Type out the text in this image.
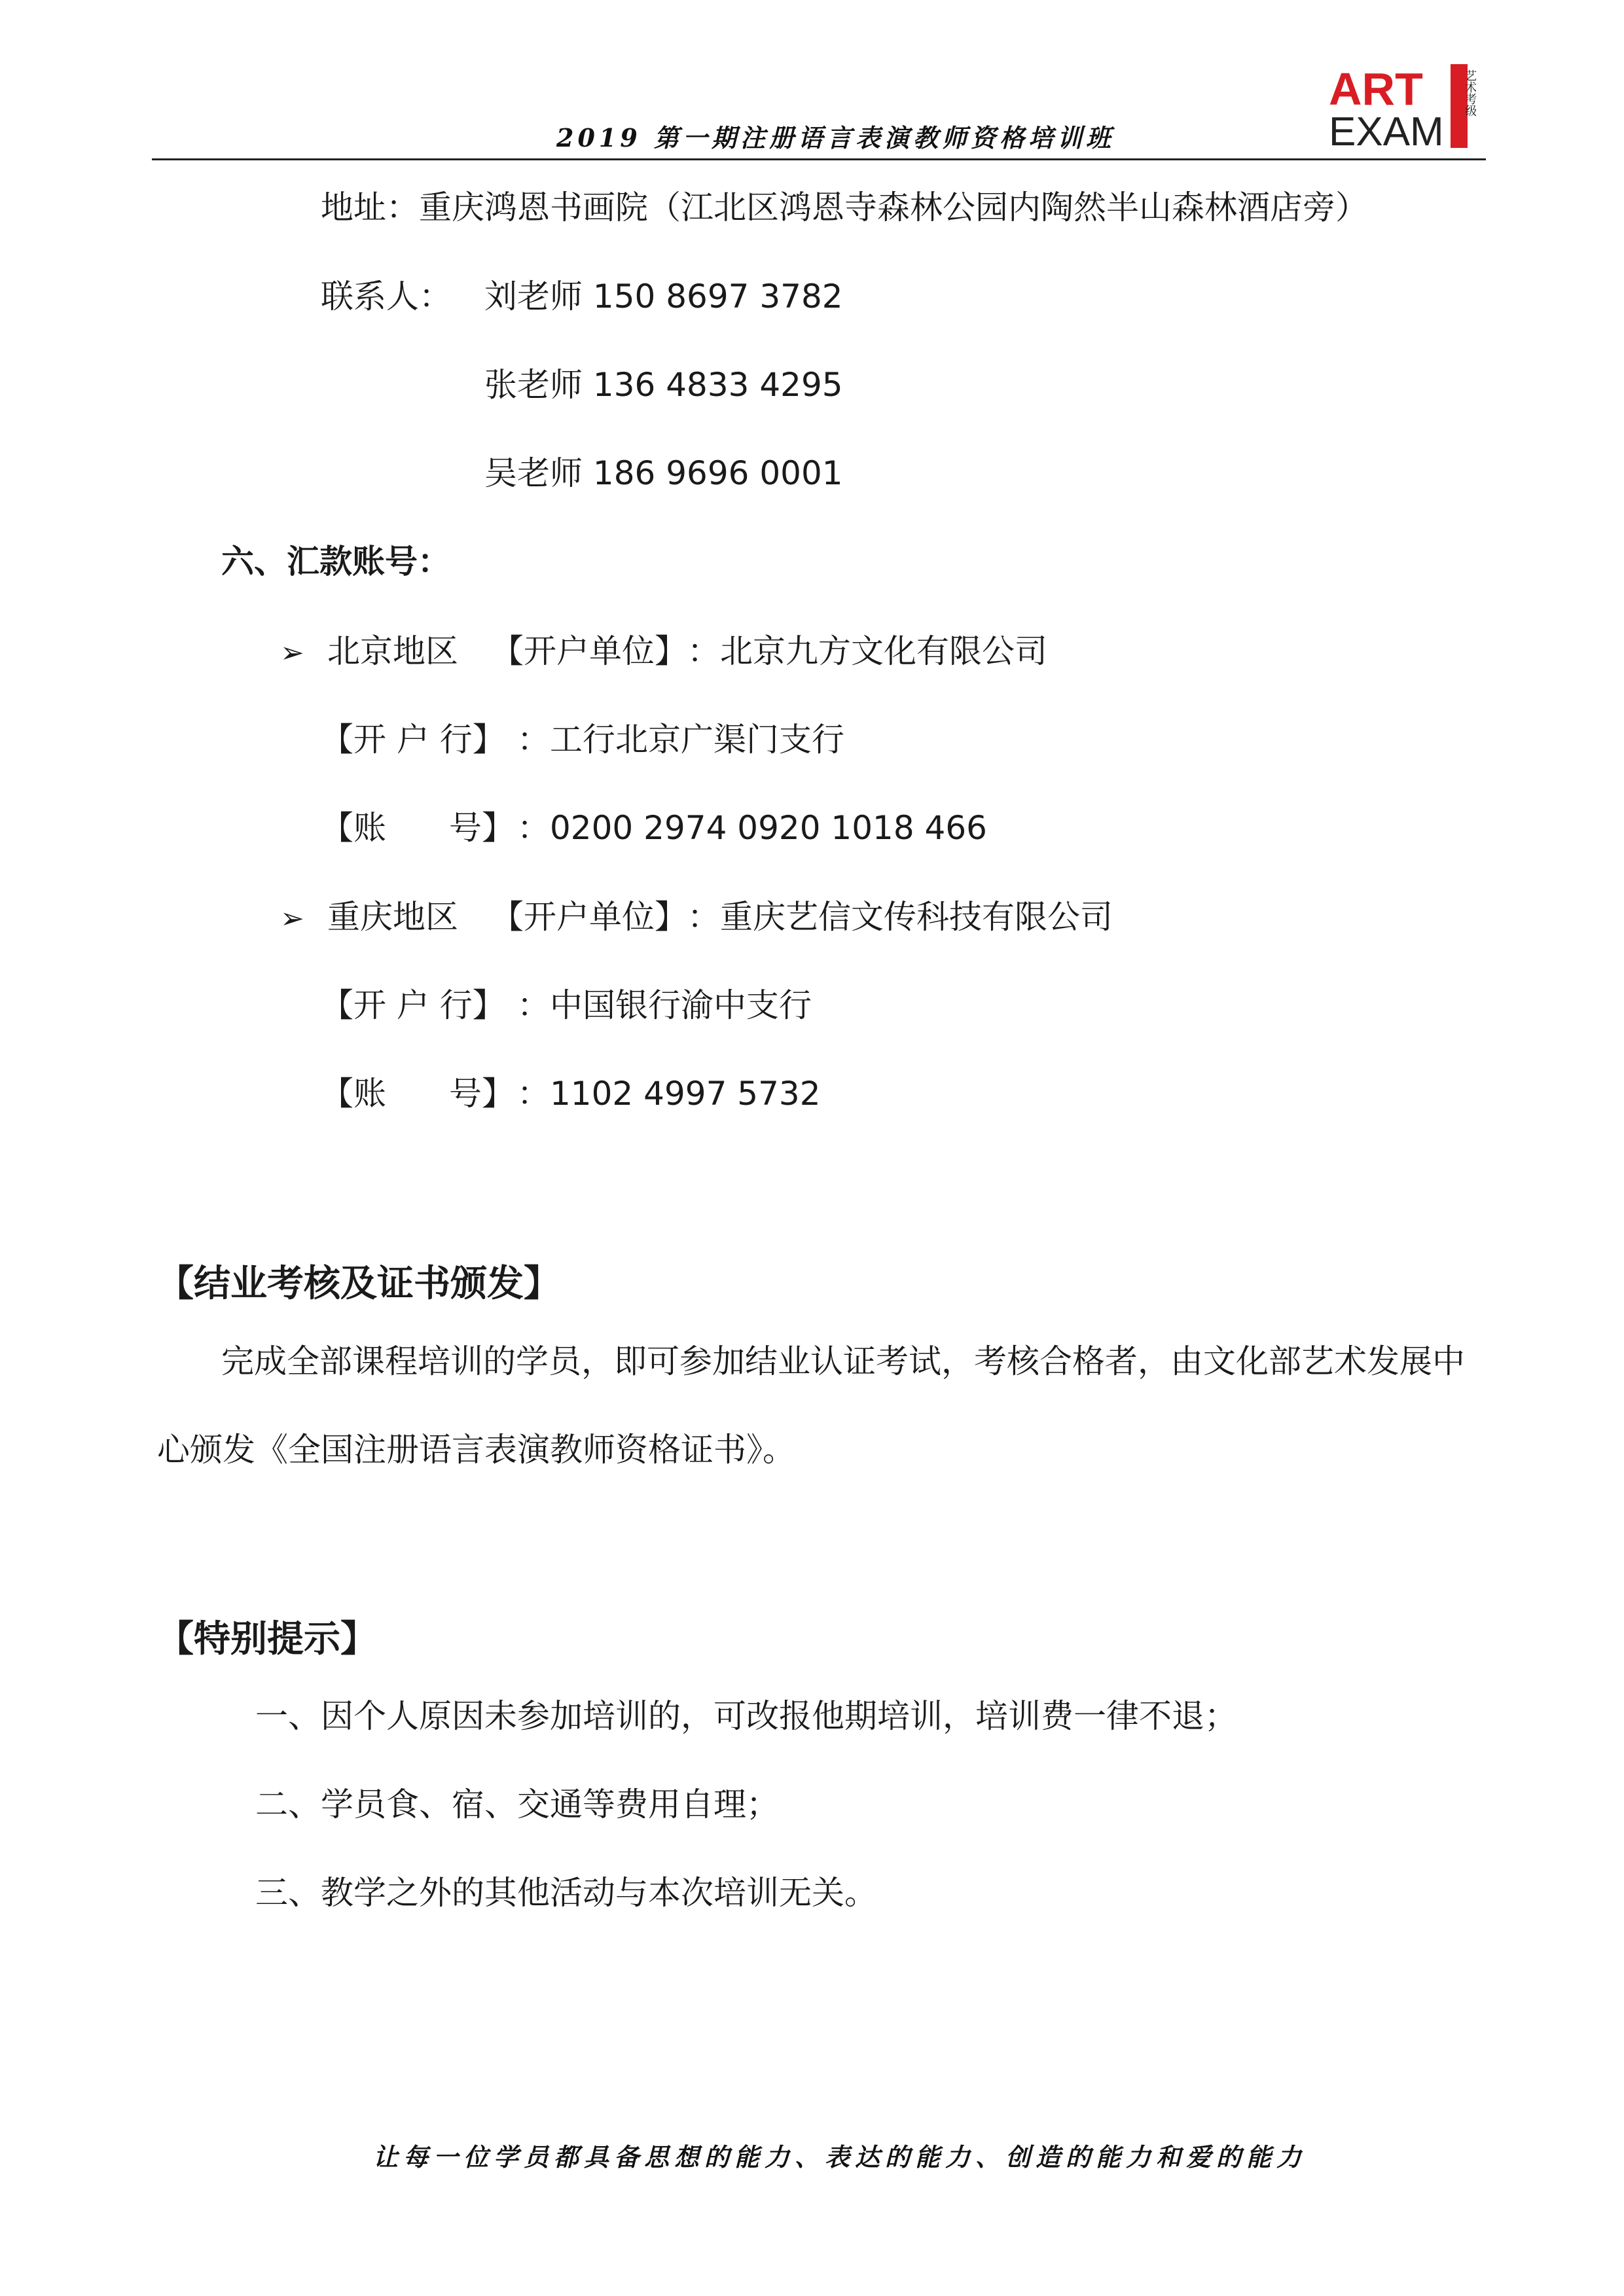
2019 第一期注册语言表演教师资格培训班
ART
EXAM
艺术考级
地址：重庆鸿恩书画院（江北区鸿恩寺森林公园内陶然半山森林酒店旁）
联系人： 刘老师 150 8697 3782
张老师 136 4833 4295
吴老师 186 9696 0001
六、汇款账号：
➢ 北京地区 【开户单位】 ：北京九方文化有限公司
【开 户 行】 ：工行北京广渠门支行
【账 号】 ：0200 2974 0920 1018 466
➢ 重庆地区 【开户单位】 ：重庆艺信文传科技有限公司
【开 户 行】 ：中国银行渝中支行
【账 号】 ：1102 4997 5732
【结业考核及证书颁发】
完成全部课程培训的学员，即可参加结业认证考试，考核合格者，由文化部艺术发展中
心颁发《全国注册语言表演教师资格证书》。
【特别提示】
一、因个人原因未参加培训的，可改报他期培训，培训费一律不退；
二、学员食、宿、交通等费用自理；
三、教学之外的其他活动与本次培训无关。
让每一位学员都具备思想的能力、表达的能力、创造的能力和爱的能力
